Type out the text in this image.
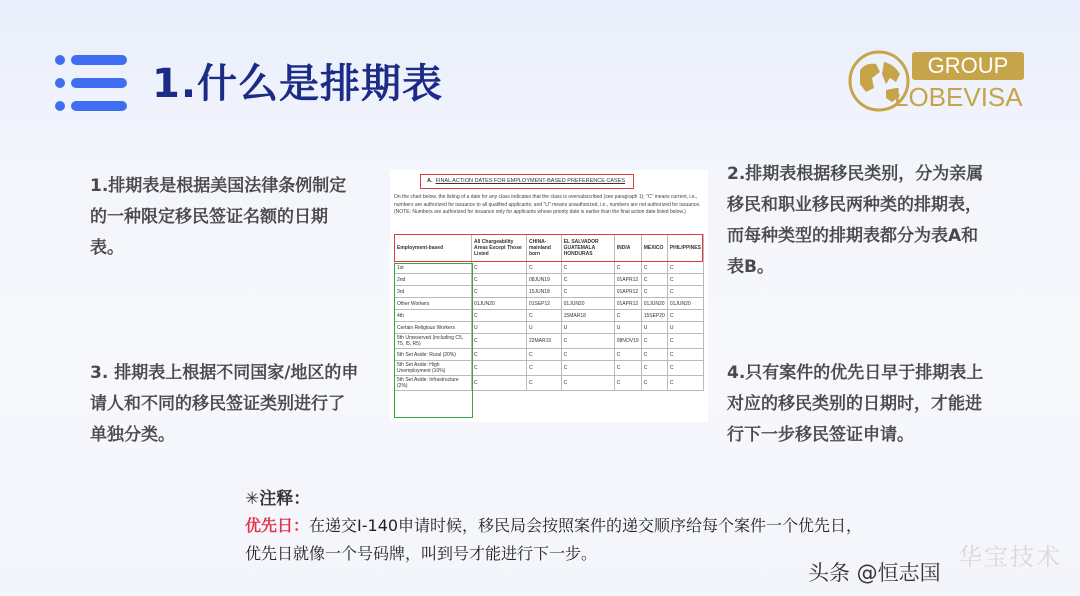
1.什么是排期表	GROUP
LOBEVISA
1.排期表是根据美国法律条例制定的一种限定移民签证名额的日期表。
2.排期表根据移民类别，分为亲属移民和职业移民两种类的排期表，而每种类型的排期表都分为表A和表B。
3. 排期表上根据不同国家/地区的申请人和不同的移民签证类别进行了单独分类。
4.只有案件的优先日早于排期表上对应的移民类别的日期时，才能进行下一步移民签证申请。
A. FINAL ACTION DATES FOR EMPLOYMENT-BASED PREFERENCE CASES
On the chart below, the listing of a date for any class indicates that the class is oversubscribed (see paragraph 1); "C" means current, i.e., numbers are authorized for issuance to all qualified applicants; and "U" means unauthorized, i.e., numbers are not authorized for issuance. (NOTE: Numbers are authorized for issuance only for applicants whose priority date is earlier than the final action date listed below.)
Employment-based	All Chargeability Areas Except Those Listed	CHINA-mainland born	EL SALVADOR GUATEMALA HONDURAS	INDIA	MEXICO	PHILIPPINES
1st	C	C	C	C	C	C
2nd	C	08JUN19	C	01APR12	C	C
3rd	C	15JUN18	C	01APR12	C	C
Other Workers	01JUN20	01SEP12	01JUN20	01APR12	01JUN20	01JUN20
4th	C	C	15MAR18	C	15SEP20	C
Certain Religious Workers	U	U	U	U	U	U
5th Unreserved (including C5, T5, I5, R5)	C	22MAR15	C	08NOV19	C	C
5th Set Aside: Rural (20%)	C	C	C	C	C	C
5th Set Aside: High Unemployment (10%)	C	C	C	C	C	C
5th Set Aside: Infrastructure (2%)	C	C	C	C	C	C
✳注释：
优先日：在递交I-140申请时候，移民局会按照案件的递交顺序给每个案件一个优先日，
优先日就像一个号码牌，叫到号才能进行下一步。
头条 @恒志国
华宝技术
